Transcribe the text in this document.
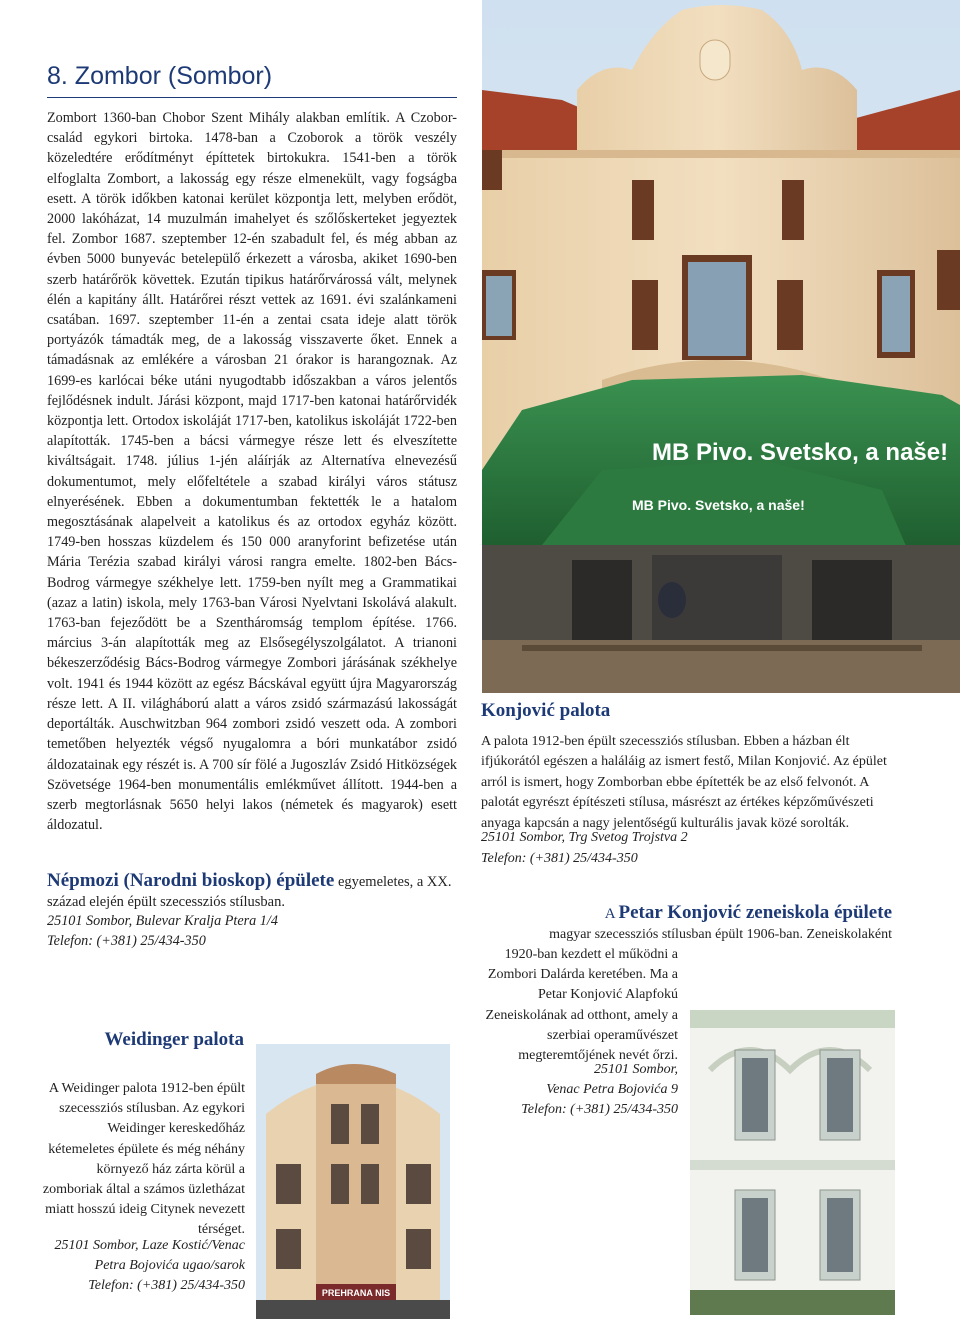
8. Zombor (Sombor)

Zombort 1360-ban Chobor Szent Mihály alakban említik. A Czobor-család egykori birtoka. 1478-ban a Czoborok a török veszély közeledtére erődítményt építtetek birtokukra. 1541-ben a török elfoglalta Zombort, a lakosság egy része elmenekült, vagy fogságba esett. A török időkben katonai kerület központja lett, melyben erődöt, 2000 lakóházat, 14 muzulmán imahelyet és szőlőskerteket jegyeztek fel. Zombor 1687. szeptember 12-én szabadult fel, és még abban az évben 5000 bunyevác betelepülő érkezett a városba, akiket 1690-ben szerb határőrök követtek. Ezután tipikus határőrvárossá vált, melynek élén a kapitány állt. Határőrei részt vettek az 1691. évi szalánkameni csatában. 1697. szeptember 11-én a zentai csata ideje alatt török portyázók támadták meg, de a lakosság visszaverte őket. Ennek a támadásnak az emlékére a városban 21 órakor is harangoznak. Az 1699-es karlócai béke utáni nyugodtabb időszakban a város jelentős fejlődésnek indult. Járási központ, majd 1717-ben katonai határőrvidék központja lett. Ortodox iskoláját 1717-ben, katolikus iskoláját 1722-ben alapították. 1745-ben a bácsi vármegye része lett és elveszítette kiváltságait. 1748. július 1-jén aláírják az Alternatíva elnevezésű dokumentumot, mely előfeltétele a szabad királyi város státusz elnyerésének. Ebben a dokumentumban fektették le a hatalom megosztásának alapelveit a katolikus és az ortodox egyház között. 1749-ben hosszas küzdelem és 150 000 aranyforint befizetése után Mária Terézia szabad királyi városi rangra emelte. 1802-ben Bács-Bodrog vármegye székhelye lett. 1759-ben nyílt meg a Grammatikai (azaz a latin) iskola, mely 1763-ban Városi Nyelvtani Iskolává alakult. 1763-ban fejeződött be a Szentháromság templom építése. 1766. március 3-án alapították meg az Elsősegélyszolgálatot. A trianoni békeszerződésig Bács-Bodrog vármegye Zombori járásának székhelye volt. 1941 és 1944 között az egész Bácskával együtt újra Magyarország része lett. A II. világháború alatt a város zsidó származású lakosságát deportálták. Auschwitzban 964 zombori zsidó veszett oda. A zombori temetőben helyezték végső nyugalomra a bóri munkatábor zsidó áldozatainak egy részét is. A 700 sír fölé a Jugoszláv Zsidó Hitközségek Szövetsége 1964-ben monumentális emlékművet állított. 1944-ben a szerb megtorlásnak 5650 helyi lakos (németek és magyarok) esett áldozatul.

Népmozi (Narodni bioskop) épülete egyemeletes, a XX. század elején épült szecessziós stílusban.

25101 Sombor, Bulevar Kralja Ptera 1/4
Telefon: (+381) 25/434-350
Weidinger palota

A Weidinger palota 1912-ben épült szecessziós stílusban. Az egykori Weidinger kereskedőház kétemeletes épülete és még néhány környező ház zárta körül a zomboriak által a számos üzletházat miatt hosszú ideig Citynek nevezett térséget.

25101 Sombor, Laze Kostić/Venac Petra Bojovića ugao/sarok
Telefon: (+381) 25/434-350
Konjović palota

A palota 1912-ben épült szecessziós stílusban. Ebben a házban élt ifjúkorától egészen a haláláig az ismert festő, Milan Konjović. Az épület arról is ismert, hogy Zomborban ebbe építették be az első felvonót. A palotát egyrészt építészeti stílusa, másrészt az értékes képzőművészeti anyaga kapcsán a nagy jelentőségű kulturális javak közé sorolták.

25101 Sombor, Trg Svetog Trojstva 2
Telefon: (+381) 25/434-350
A Petar Konjović zeneiskola épülete

magyar szecessziós stílusban épült 1906-ban. Zeneiskolaként

1920-ban kezdett el működni a Zombori Dalárda keretében. Ma a Petar Konjović Alapfokú Zeneiskolának ad otthont, amely a szerbiai operaművészet megteremtőjének nevét őrzi.

25101 Sombor,
Venac Petra Bojovića 9
Telefon: (+381) 25/434-350
MB Pivo. Svetsko, a naše!
MB Pivo. Svetsko, a naše!
PREHRANA NIS
